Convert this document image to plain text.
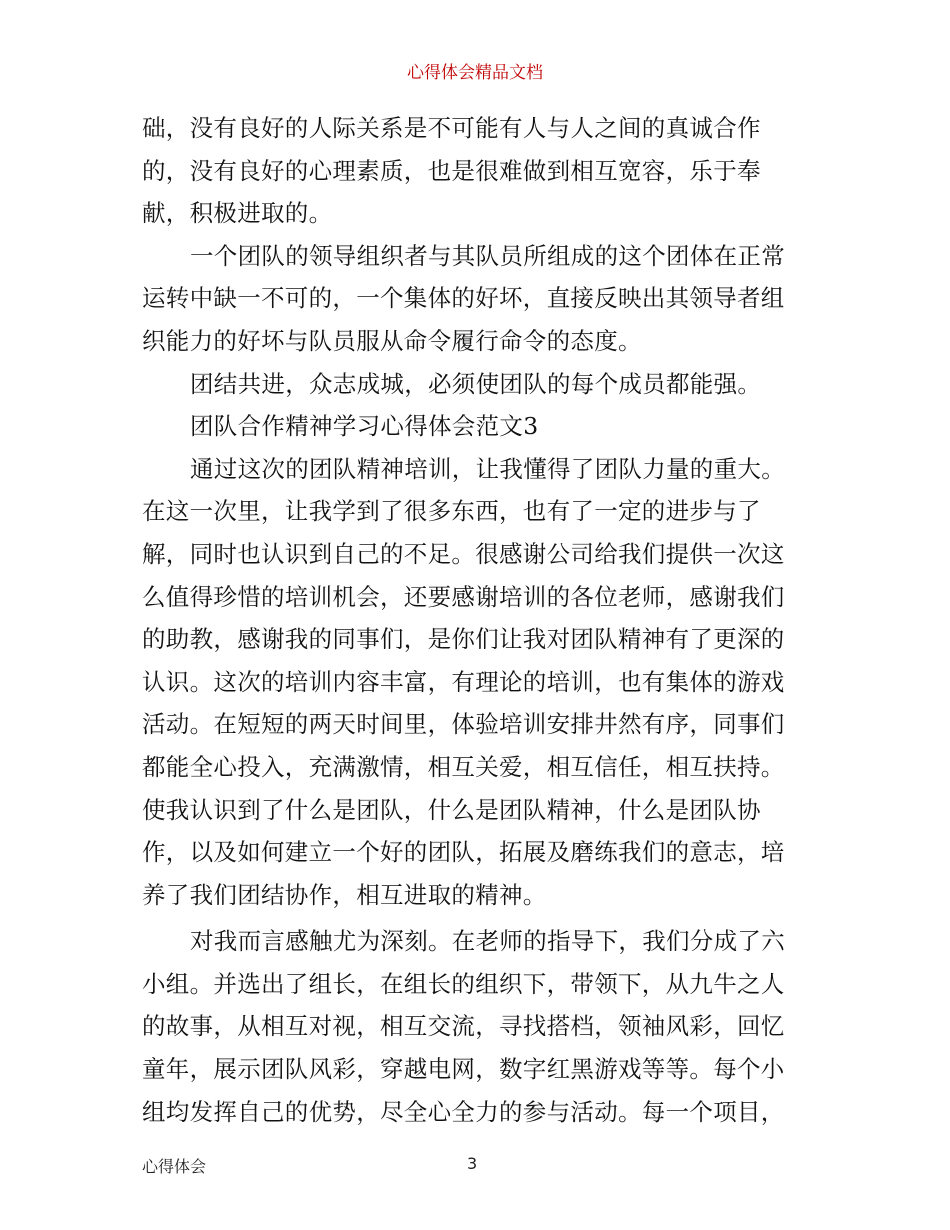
心得体会精品文档
础，没有良好的人际关系是不可能有人与人之间的真诚合作
的，没有良好的心理素质，也是很难做到相互宽容，乐于奉
献，积极进取的。
一个团队的领导组织者与其队员所组成的这个团体在正常
运转中缺一不可的，一个集体的好坏，直接反映出其领导者组
织能力的好坏与队员服从命令履行命令的态度。
团结共进，众志成城，必须使团队的每个成员都能强。
团队合作精神学习心得体会范文3
通过这次的团队精神培训，让我懂得了团队力量的重大。
在这一次里，让我学到了很多东西，也有了一定的进步与了
解，同时也认识到自己的不足。很感谢公司给我们提供一次这
么值得珍惜的培训机会，还要感谢培训的各位老师，感谢我们
的助教，感谢我的同事们，是你们让我对团队精神有了更深的
认识。这次的培训内容丰富，有理论的培训，也有集体的游戏
活动。在短短的两天时间里，体验培训安排井然有序，同事们
都能全心投入，充满激情，相互关爱，相互信任，相互扶持。
使我认识到了什么是团队，什么是团队精神，什么是团队协
作，以及如何建立一个好的团队，拓展及磨练我们的意志，培
养了我们团结协作，相互进取的精神。
对我而言感触尤为深刻。在老师的指导下，我们分成了六
小组。并选出了组长，在组长的组织下，带领下，从九牛之人
的故事，从相互对视，相互交流，寻找搭档，领袖风彩，回忆
童年，展示团队风彩，穿越电网，数字红黑游戏等等。每个小
组均发挥自己的优势，尽全心全力的参与活动。每一个项目，
心得体会	3
